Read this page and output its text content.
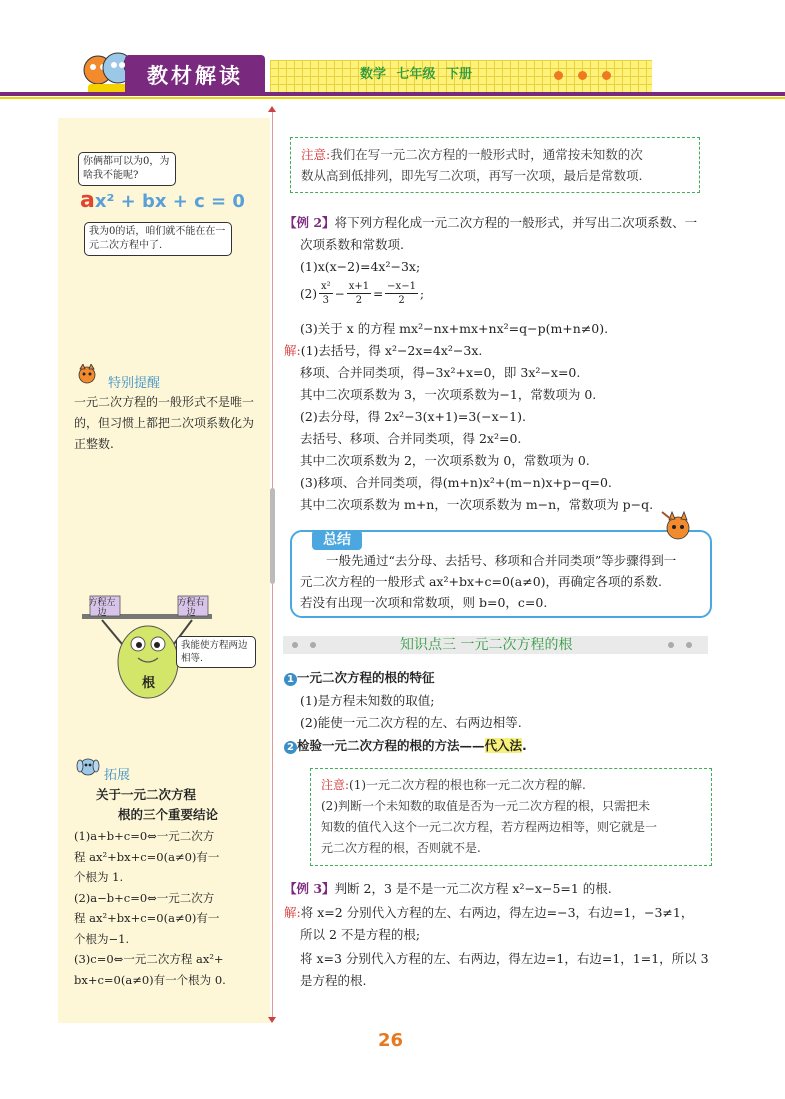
教材解读	数学 七年级 下册
你俩都可以为0，为啥我不能呢?
ax² + bx + c = 0
我为0的话，咱们就不能在在一元二次方程中了.
特别提醒
一元二次方程的一般形式不是唯一的，但习惯上都把二次项系数化为正整数.
方程左边
方程右边
我能使方程两边相等.
根
拓展
关于一元二次方程
根的三个重要结论
(1)a+b+c=0⇔一元二次方
程 ax²+bx+c=0(a≠0)有一
个根为 1.
(2)a−b+c=0⇔一元二次方
程 ax²+bx+c=0(a≠0)有一
个根为−1.
(3)c=0⇔一元二次方程 ax²+
bx+c=0(a≠0)有一个根为 0.
注意:我们在写一元二次方程的一般形式时，通常按未知数的次
数从高到低排列，即先写二次项，再写一次项，最后是常数项.
【例 2】将下列方程化成一元二次方程的一般形式，并写出二次项系数、一
次项系数和常数项.
(1)x(x−2)=4x²−3x;
$(2) \frac{\text{x²}}{3} - \frac{x+1}{2} = \frac{-x-1}{2}$ ;
(3)关于 x 的方程 mx²−nx+mx+nx²=q−p(m+n≠0).
解:(1)去括号，得 x²−2x=4x²−3x.
移项、合并同类项，得−3x²+x=0，即 3x²−x=0.
其中二次项系数为 3，一次项系数为−1，常数项为 0.
(2)去分母，得 2x²−3(x+1)=3(−x−1).
去括号、移项、合并同类项，得 2x²=0.
其中二次项系数为 2，一次项系数为 0，常数项为 0.
(3)移项、合并同类项，得(m+n)x²+(m−n)x+p−q=0.
其中二次项系数为 m+n，一次项系数为 m−n，常数项为 p−q.
总结
一般先通过“去分母、去括号、移项和合并同类项”等步骤得到一
元二次方程的一般形式 ax²+bx+c=0(a≠0)，再确定各项的系数.
若没有出现一次项和常数项，则 b=0，c=0.
知识点三 一元二次方程的根
1 一元二次方程的根的特征
(1)是方程未知数的取值;
(2)能使一元二次方程的左、右两边相等.
2 检验一元二次方程的根的方法——代入法.
注意:(1)一元二次方程的根也称一元二次方程的解.
(2)判断一个未知数的取值是否为一元二次方程的根，只需把未
知数的值代入这个一元二次方程，若方程两边相等，则它就是一
元二次方程的根，否则就不是.
【例 3】判断 2，3 是不是一元二次方程 x²−x−5=1 的根.
解:将 x=2 分别代入方程的左、右两边，得左边=−3，右边=1，−3≠1，
所以 2 不是方程的根;
将 x=3 分别代入方程的左、右两边，得左边=1，右边=1，1=1，所以 3
是方程的根.
26
